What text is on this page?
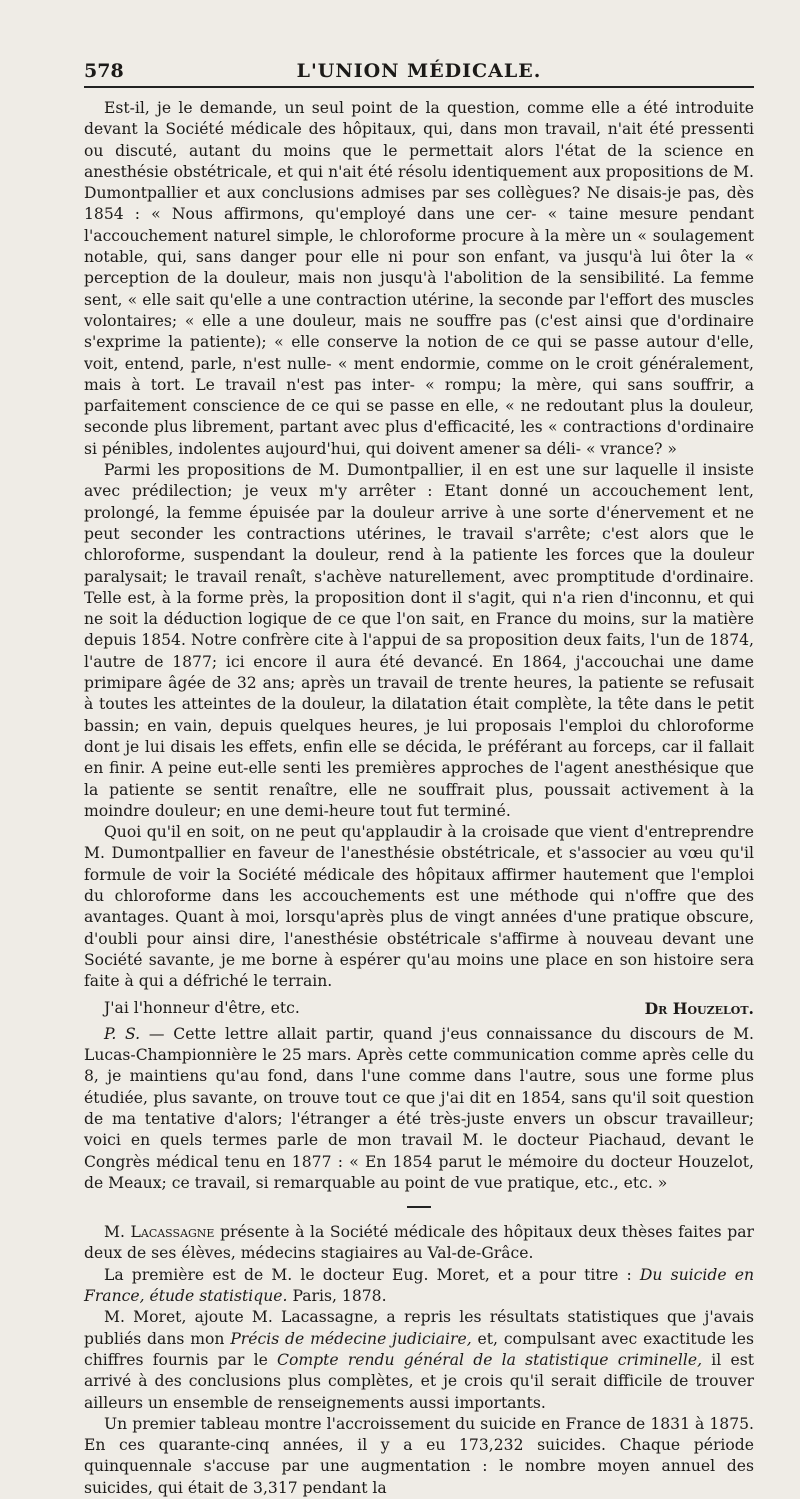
578	L'UNION MÉDICALE.

Est-il, je le demande, un seul point de la question, comme elle a été introduite devant la Société médicale des hôpitaux, qui, dans mon travail, n'ait été pressenti ou discuté, autant du moins que le permettait alors l'état de la science en anesthésie obstétricale, et qui n'ait été résolu identiquement aux propositions de M. Dumontpallier et aux conclusions admises par ses collègues? Ne disais-je pas, dès 1854 : « Nous affirmons, qu'employé dans une cer- « taine mesure pendant l'accouchement naturel simple, le chloroforme procure à la mère un « soulagement notable, qui, sans danger pour elle ni pour son enfant, va jusqu'à lui ôter la « perception de la douleur, mais non jusqu'à l'abolition de la sensibilité. La femme sent, « elle sait qu'elle a une contraction utérine, la seconde par l'effort des muscles volontaires; « elle a une douleur, mais ne souffre pas (c'est ainsi que d'ordinaire s'exprime la patiente); « elle conserve la notion de ce qui se passe autour d'elle, voit, entend, parle, n'est nulle- « ment endormie, comme on le croit généralement, mais à tort. Le travail n'est pas inter- « rompu; la mère, qui sans souffrir, a parfaitement conscience de ce qui se passe en elle, « ne redoutant plus la douleur, seconde plus librement, partant avec plus d'efficacité, les « contractions d'ordinaire si pénibles, indolentes aujourd'hui, qui doivent amener sa déli- « vrance? »

Parmi les propositions de M. Dumontpallier, il en est une sur laquelle il insiste avec prédilection; je veux m'y arrêter : Etant donné un accouchement lent, prolongé, la femme épuisée par la douleur arrive à une sorte d'énervement et ne peut seconder les contractions utérines, le travail s'arrête; c'est alors que le chloroforme, suspendant la douleur, rend à la patiente les forces que la douleur paralysait; le travail renaît, s'achève naturellement, avec promptitude d'ordinaire. Telle est, à la forme près, la proposition dont il s'agit, qui n'a rien d'inconnu, et qui ne soit la déduction logique de ce que l'on sait, en France du moins, sur la matière depuis 1854. Notre confrère cite à l'appui de sa proposition deux faits, l'un de 1874, l'autre de 1877; ici encore il aura été devancé. En 1864, j'accouchai une dame primipare âgée de 32 ans; après un travail de trente heures, la patiente se refusait à toutes les atteintes de la douleur, la dilatation était complète, la tête dans le petit bassin; en vain, depuis quelques heures, je lui proposais l'emploi du chloroforme dont je lui disais les effets, enfin elle se décida, le préférant au forceps, car il fallait en finir. A peine eut-elle senti les premières approches de l'agent anesthésique que la patiente se sentit renaître, elle ne souffrait plus, poussait activement à la moindre douleur; en une demi-heure tout fut terminé.

Quoi qu'il en soit, on ne peut qu'applaudir à la croisade que vient d'entreprendre M. Dumontpallier en faveur de l'anesthésie obstétricale, et s'associer au vœu qu'il formule de voir la Société médicale des hôpitaux affirmer hautement que l'emploi du chloroforme dans les accouchements est une méthode qui n'offre que des avantages. Quant à moi, lorsqu'après plus de vingt années d'une pratique obscure, d'oubli pour ainsi dire, l'anesthésie obstétricale s'affirme à nouveau devant une Société savante, je me borne à espérer qu'au moins une place en son histoire sera faite à qui a défriché le terrain.

J'ai l'honneur d'être, etc.	Dr Houzelot.

P. S. — Cette lettre allait partir, quand j'eus connaissance du discours de M. Lucas-Championnière le 25 mars. Après cette communication comme après celle du 8, je maintiens qu'au fond, dans l'une comme dans l'autre, sous une forme plus étudiée, plus savante, on trouve tout ce que j'ai dit en 1854, sans qu'il soit question de ma tentative d'alors; l'étranger a été très-juste envers un obscur travailleur; voici en quels termes parle de mon travail M. le docteur Piachaud, devant le Congrès médical tenu en 1877 : « En 1854 parut le mémoire du docteur Houzelot, de Meaux; ce travail, si remarquable au point de vue pratique, etc., etc. »

M. Lacassagne présente à la Société médicale des hôpitaux deux thèses faites par deux de ses élèves, médecins stagiaires au Val-de-Grâce.

La première est de M. le docteur Eug. Moret, et a pour titre : Du suicide en France, étude statistique. Paris, 1878.

M. Moret, ajoute M. Lacassagne, a repris les résultats statistiques que j'avais publiés dans mon Précis de médecine judiciaire, et, compulsant avec exactitude les chiffres fournis par le Compte rendu général de la statistique criminelle, il est arrivé à des conclusions plus complètes, et je crois qu'il serait difficile de trouver ailleurs un ensemble de renseignements aussi importants.

Un premier tableau montre l'accroissement du suicide en France de 1831 à 1875. En ces quarante-cinq années, il y a eu 173,232 suicides. Chaque période quinquennale s'accuse par une augmentation : le nombre moyen annuel des suicides, qui était de 3,317 pendant la
